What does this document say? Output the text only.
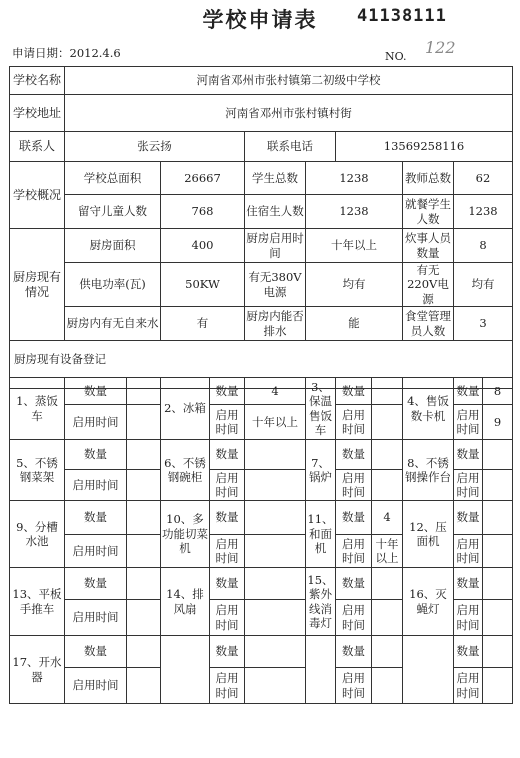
学校申请表	41138111
申请日期：2012.4.6	NO. 122
学校名称	河南省邓州市张村镇第二初级中学校						
学校地址	河南省邓州市张村镇村街						
联系人	张云扬		联系电话		13569258116		
学校概况	学校总面积	26667	学生总数	1238		教师总数	62
	留守儿童人数	768	住宿生人数	1238		就餐学生人数	1238
厨房现有情况	厨房面积	400	厨房启用时间	十年以上		炊事人员数量	8
	供电功率(瓦)	50KW	有无380V电源	均有		有无220V电源	均有
	厨房内有无自来水	有	厨房内能否排水	能		食堂管理员人数	3
厨房现有设备登记							

1、蒸饭车	数量		2、冰箱	数量	4	3、保温售饭车	数量		4、售饭数卡机	数量	8
	启用时间			启用时间	十年以上		启用时间			启用时间	9
5、不锈钢菜架	数量		6、不锈钢碗柜	数量		7、锅炉	数量		8、不锈钢操作台	数量	
	启用时间			启用时间			启用时间			启用时间	
9、分槽水池	数量		10、多功能切菜机	数量		11、和面机	数量	4	12、压面机	数量	
	启用时间			启用时间			启用时间	十年以上		启用时间	
13、平板手推车	数量		14、排风扇	数量		15、紫外线消毒灯	数量		16、灭蝇灯	数量	
	启用时间			启用时间			启用时间			启用时间	
17、开水器	数量			数量			数量			数量	
	启用时间			启用时间			启用时间			启用时间	
